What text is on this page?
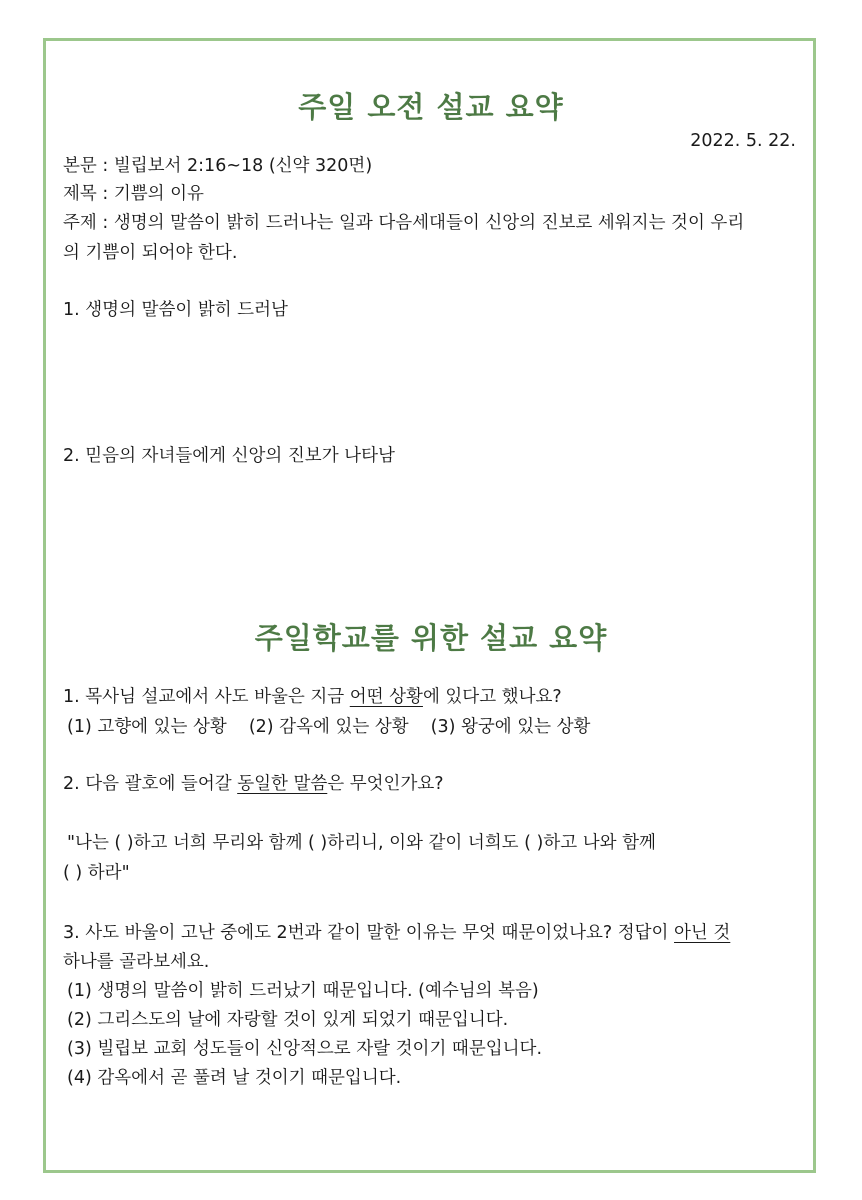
주일 오전 설교 요약
2022. 5. 22.
본문 : 빌립보서 2:16~18 (신약 320면)
제목 : 기쁨의 이유
주제 : 생명의 말씀이 밝히 드러나는 일과 다음세대들이 신앙의 진보로 세워지는 것이 우리
의 기쁨이 되어야 한다.
1. 생명의 말씀이 밝히 드러남
2. 믿음의 자녀들에게 신앙의 진보가 나타남
주일학교를 위한 설교 요약
1. 목사님 설교에서 사도 바울은 지금 어떤 상황에 있다고 했나요?
(1) 고향에 있는 상황 (2) 감옥에 있는 상황 (3) 왕궁에 있는 상황
2. 다음 괄호에 들어갈 동일한 말씀은 무엇인가요?
"나는 ( )하고 너희 무리와 함께 ( )하리니, 이와 같이 너희도 ( )하고 나와 함께
( ) 하라"
3. 사도 바울이 고난 중에도 2번과 같이 말한 이유는 무엇 때문이었나요? 정답이 아닌 것
하나를 골라보세요.
(1) 생명의 말씀이 밝히 드러났기 때문입니다. (예수님의 복음)
(2) 그리스도의 날에 자랑할 것이 있게 되었기 때문입니다.
(3) 빌립보 교회 성도들이 신앙적으로 자랄 것이기 때문입니다.
(4) 감옥에서 곧 풀려 날 것이기 때문입니다.
